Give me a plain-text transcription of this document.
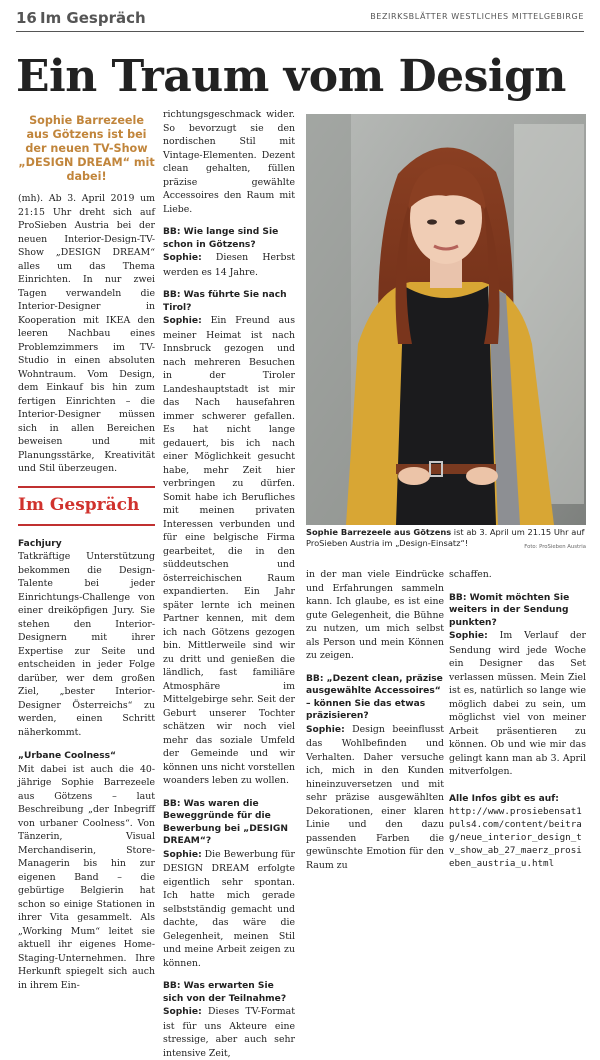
16 Im Gespräch	BEZIRKSBLÄTTER WESTLICHES MITTELGEBIRGE
Ein Traum vom Design

Sophie Barrezeele aus Götzens ist bei der neuen TV-Show „DESIGN DREAM“ mit dabei!

(mh). Ab 3. April 2019 um 21:15 Uhr dreht sich auf ProSieben Austria bei der neuen Interior-Design-TV-Show „DESIGN DREAM“ alles um das Thema Einrichten. In nur zwei Tagen verwandeln die Interior-Designer in Kooperation mit IKEA den leeren Nachbau eines Problemzimmers im TV-Studio in einen absoluten Wohntraum. Vom Design, dem Einkauf bis hin zum fertigen Einrichten – die Interior-Designer müssen sich in allen Bereichen beweisen und mit Planungsstärke, Kreativität und Stil überzeugen.

Im Gespräch

Fachjury

Tatkräftige Unterstützung bekommen die Design-Talente bei jeder Einrichtungs-Challenge von einer dreiköpfigen Jury. Sie stehen den Interior-Designern mit ihrer Expertise zur Seite und entscheiden in jeder Folge darüber, wer dem großen Ziel, „bester Interior-Designer Österreichs“ zu werden, einen Schritt näherkommt.

„Urbane Coolness“

Mit dabei ist auch die 40-jährige Sophie Barrezeele aus Götzens – laut Beschreibung „der Inbegriff von urbaner Coolness“. Von Tänzerin, Visual Merchandiserin, Store-Managerin bis hin zur eigenen Band – die gebürtige Belgierin hat schon so einige Stationen in ihrer Vita gesammelt. Als „Working Mum“ leitet sie aktuell ihr eigenes Home-Staging-Unternehmen. Ihre Herkunft spiegelt sich auch in ihrem Ein-

richtungsgeschmack wider. So bevorzugt sie den nordischen Stil mit Vintage-Elementen. Dezent clean gehalten, füllen präzise gewählte Accessoires den Raum mit Liebe.

BB: Wie lange sind Sie schon in Götzens?

Sophie: Diesen Herbst werden es 14 Jahre.

BB: Was führte Sie nach Tirol?

Sophie: Ein Freund aus meiner Heimat ist nach Innsbruck gezogen und nach mehreren Besuchen in der Tiroler Landeshauptstadt ist mir das Nach hausefahren immer schwerer gefallen. Es hat nicht lange gedauert, bis ich nach einer Möglichkeit gesucht habe, mehr Zeit hier verbringen zu dürfen. Somit habe ich Berufliches mit meinen privaten Interessen verbunden und für eine belgische Firma gearbeitet, die in den süddeutschen und österreichischen Raum expandierten. Ein Jahr später lernte ich meinen Partner kennen, mit dem ich nach Götzens gezogen bin. Mittlerweile sind wir zu dritt und genießen die ländlich, fast familiäre Atmosphäre im Mittelgebirge sehr. Seit der Geburt unserer Tochter schätzen wir noch viel mehr das soziale Umfeld der Gemeinde und wir können uns nicht vorstellen woanders leben zu wollen.

BB: Was waren die Beweggründe für die Bewerbung bei „DESIGN DREAM“?

Sophie: Die Bewerbung für DESIGN DREAM erfolgte eigentlich sehr spontan. Ich hatte mich gerade selbstständig gemacht und dachte, das wäre die Gelegenheit, meinen Stil und meine Arbeit zeigen zu können.

BB: Was erwarten Sie sich von der Teilnahme?

Sophie: Dieses TV-Format ist für uns Akteure eine stressige, aber auch sehr intensive Zeit,

Sophie Barrezeele aus Götzens ist ab 3. April um 21.15 Uhr auf ProSieben Austria im „Design-Einsatz“!	Foto: ProSieben Austria

in der man viele Eindrücke und Erfahrungen sammeln kann. Ich glaube, es ist eine gute Gelegenheit, die Bühne zu nutzen, um mich selbst als Person und mein Können zu zeigen.

BB: „Dezent clean, präzise ausgewählte Accessoires“ – können Sie das etwas präzisieren?

Sophie: Design beeinflusst das Wohlbefinden und Verhalten. Daher versuche ich, mich in den Kunden hineinzuversetzen und mit sehr präzise ausgewählten Dekorationen, einer klaren Linie und den dazu passenden Farben die gewünschte Emotion für den Raum zu

schaffen.

BB: Womit möchten Sie weiters in der Sendung punkten?

Sophie: Im Verlauf der Sendung wird jede Woche ein Designer das Set verlassen müssen. Mein Ziel ist es, natürlich so lange wie möglich dabei zu sein, um möglichst viel von meiner Arbeit präsentieren zu können. Ob und wie mir das gelingt kann man ab 3. April mitverfolgen.

Alle Infos gibt es auf:

http://www.prosiebensat1puls4.com/content/beitrag/neue_interior_design_tv_show_ab_27_maerz_prosieben_austria_u.html
